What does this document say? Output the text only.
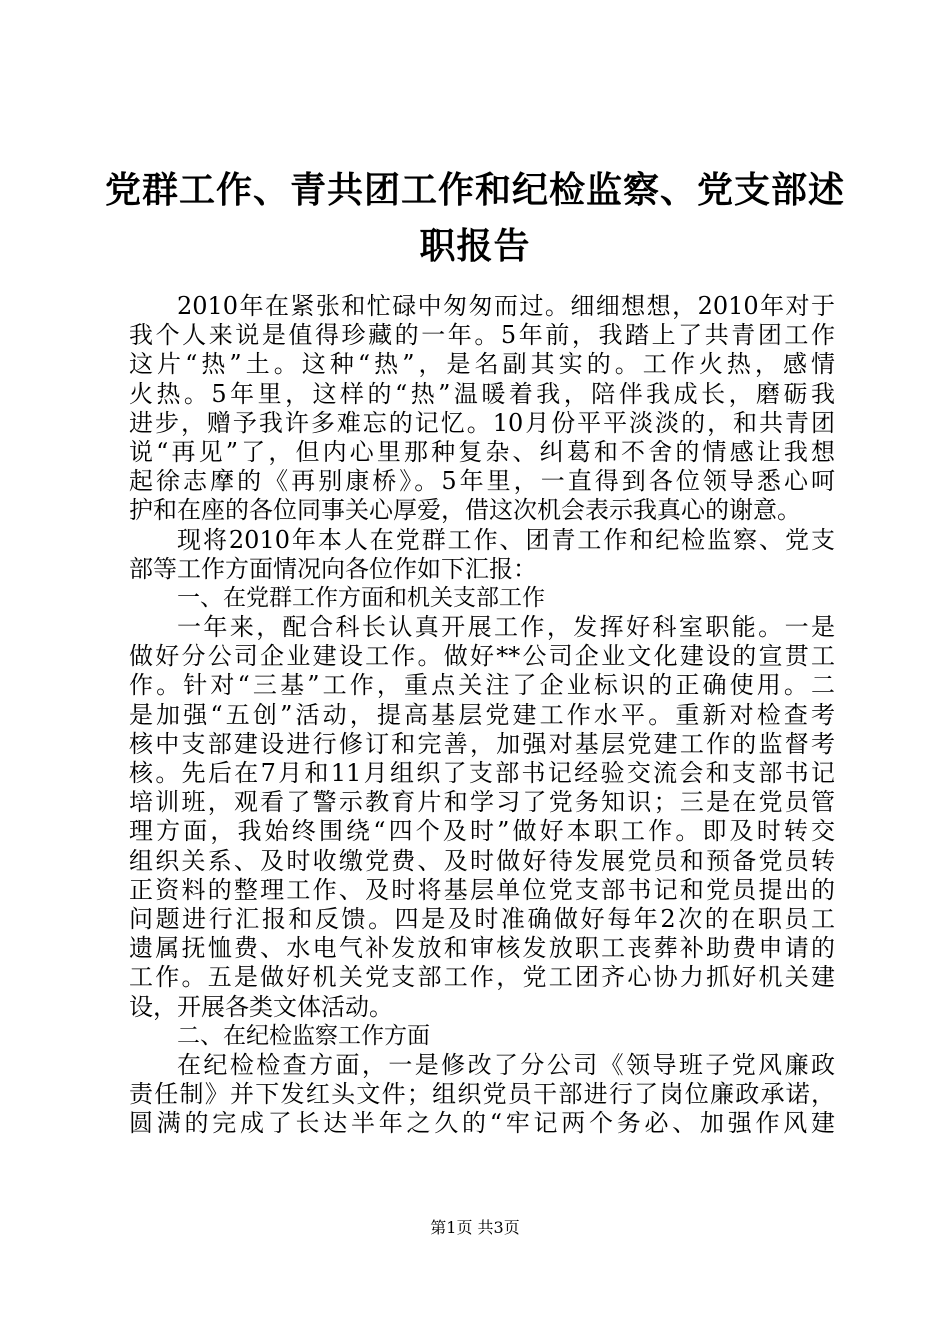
党群工作、青共团工作和纪检监察、党支部述
职报告
2010年在紧张和忙碌中匆匆而过。细细想想，2010年对于
我个人来说是值得珍藏的一年。5年前，我踏上了共青团工作
这片“热”土。这种“热”，是名副其实的。工作火热，感情
火热。5年里，这样的“热”温暖着我，陪伴我成长，磨砺我
进步，赠予我许多难忘的记忆。10月份平平淡淡的，和共青团
说“再见”了，但内心里那种复杂、纠葛和不舍的情感让我想
起徐志摩的《再别康桥》。5年里，一直得到各位领导悉心呵
护和在座的各位同事关心厚爱，借这次机会表示我真心的谢意。
现将2010年本人在党群工作、团青工作和纪检监察、党支
部等工作方面情况向各位作如下汇报：
一、在党群工作方面和机关支部工作
一年来，配合科长认真开展工作，发挥好科室职能。一是
做好分公司企业建设工作。做好**公司企业文化建设的宣贯工
作。针对“三基”工作，重点关注了企业标识的正确使用。二
是加强“五创”活动，提高基层党建工作水平。重新对检查考
核中支部建设进行修订和完善，加强对基层党建工作的监督考
核。先后在7月和11月组织了支部书记经验交流会和支部书记
培训班，观看了警示教育片和学习了党务知识；三是在党员管
理方面，我始终围绕“四个及时”做好本职工作。即及时转交
组织关系、及时收缴党费、及时做好待发展党员和预备党员转
正资料的整理工作、及时将基层单位党支部书记和党员提出的
问题进行汇报和反馈。四是及时准确做好每年2次的在职员工
遗属抚恤费、水电气补发放和审核发放职工丧葬补助费申请的
工作。五是做好机关党支部工作，党工团齐心协力抓好机关建
设，开展各类文体活动。
二、在纪检监察工作方面
在纪检检查方面，一是修改了分公司《领导班子党风廉政
责任制》并下发红头文件；组织党员干部进行了岗位廉政承诺，
圆满的完成了长达半年之久的“牢记两个务必、加强作风建
第1页 共3页
